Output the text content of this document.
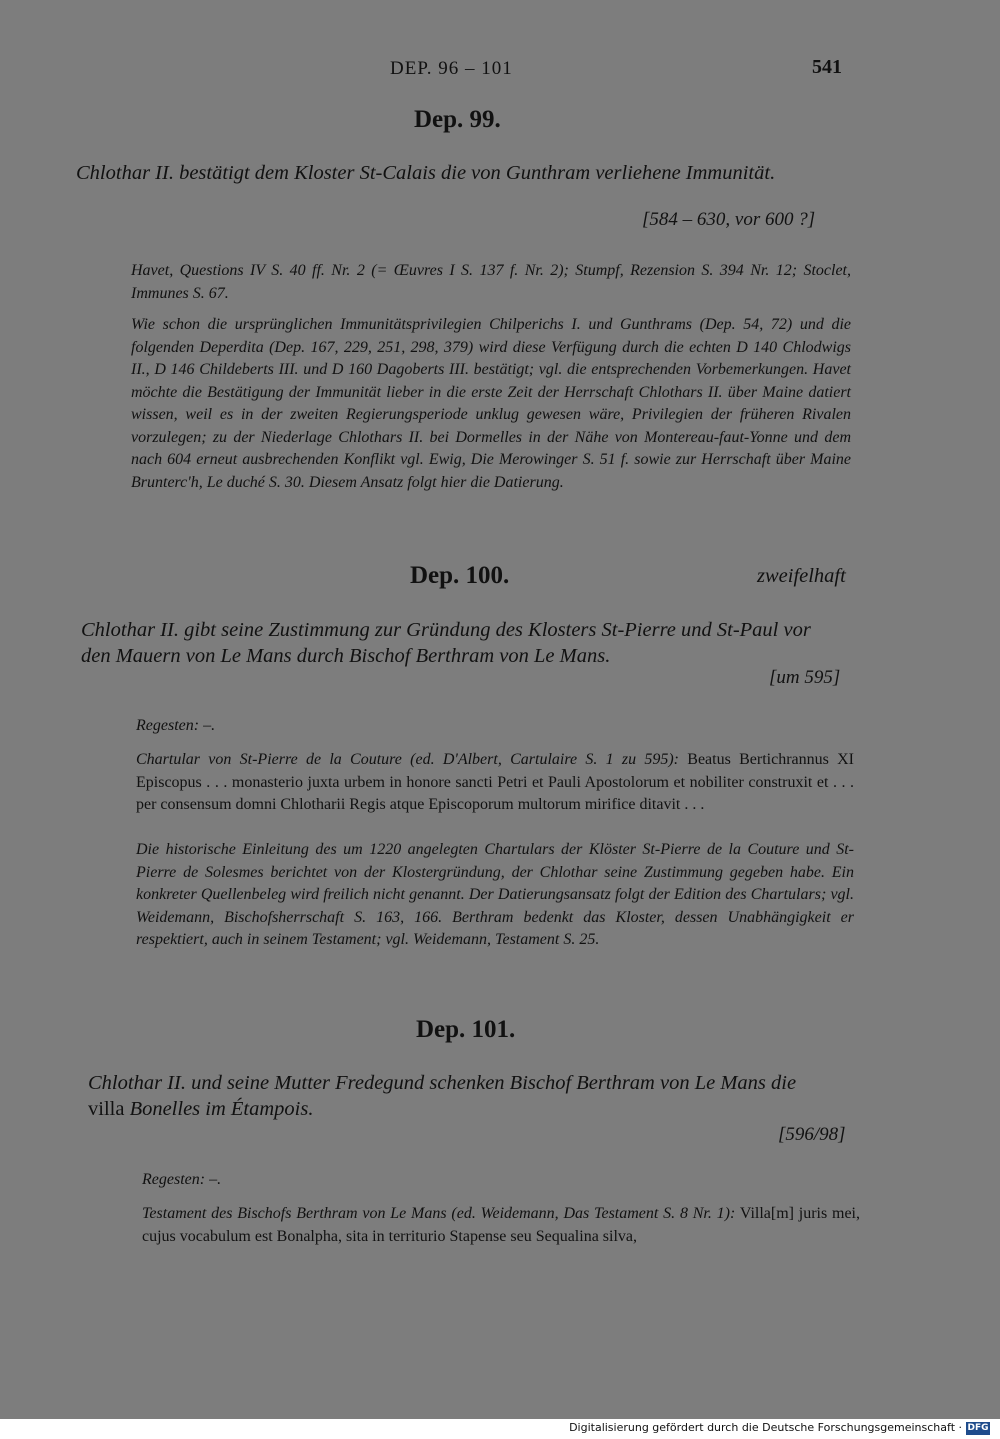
DEP. 96 – 101	541
Dep. 99.
Chlothar II. bestätigt dem Kloster St-Calais die von Gunthram verliehene Immunität.
[584 – 630, vor 600 ?]
Havet, Questions IV S. 40 ff. Nr. 2 (= Œuvres I S. 137 f. Nr. 2); Stumpf, Rezension S. 394 Nr. 12; Stoclet, Immunes S. 67.
Wie schon die ursprünglichen Immunitätsprivilegien Chilperichs I. und Gunthrams (Dep. 54, 72) und die folgenden Deperdita (Dep. 167, 229, 251, 298, 379) wird diese Verfügung durch die echten D 140 Chlodwigs II., D 146 Childeberts III. und D 160 Dagoberts III. bestätigt; vgl. die entsprechenden Vorbemerkungen. Havet möchte die Bestätigung der Immunität lieber in die erste Zeit der Herrschaft Chlothars II. über Maine datiert wissen, weil es in der zweiten Regierungsperiode unklug gewesen wäre, Privilegien der früheren Rivalen vorzulegen; zu der Niederlage Chlothars II. bei Dormelles in der Nähe von Montereau-faut-Yonne und dem nach 604 erneut ausbrechenden Konflikt vgl. Ewig, Die Merowinger S. 51 f. sowie zur Herrschaft über Maine Brunterc'h, Le duché S. 30. Diesem Ansatz folgt hier die Datierung.
Dep. 100.	zweifelhaft
Chlothar II. gibt seine Zustimmung zur Gründung des Klosters St-Pierre und St-Paul vor
den Mauern von Le Mans durch Bischof Berthram von Le Mans.
[um 595]
Regesten: –.
Chartular von St-Pierre de la Couture (ed. D'Albert, Cartulaire S. 1 zu 595): Beatus Bertichrannus XI Episcopus . . . monasterio juxta urbem in honore sancti Petri et Pauli Apostolorum et nobiliter construxit et . . . per consensum domni Chlotharii Regis atque Episcoporum multorum mirifice ditavit . . .
Die historische Einleitung des um 1220 angelegten Chartulars der Klöster St-Pierre de la Couture und St-Pierre de Solesmes berichtet von der Klostergründung, der Chlothar seine Zustimmung gegeben habe. Ein konkreter Quellenbeleg wird freilich nicht genannt. Der Datierungsansatz folgt der Edition des Chartulars; vgl. Weidemann, Bischofsherrschaft S. 163, 166. Berthram bedenkt das Kloster, dessen Unabhängigkeit er respektiert, auch in seinem Testament; vgl. Weidemann, Testament S. 25.
Dep. 101.
Chlothar II. und seine Mutter Fredegund schenken Bischof Berthram von Le Mans die
villa Bonelles im Étampois.
[596/98]
Regesten: –.
Testament des Bischofs Berthram von Le Mans (ed. Weidemann, Das Testament S. 8 Nr. 1): Villa[m] juris mei, cujus vocabulum est Bonalpha, sita in territurio Stapense seu Sequalina silva,
Digitalisierung gefördert durch die Deutsche Forschungsgemeinschaft · DFG
